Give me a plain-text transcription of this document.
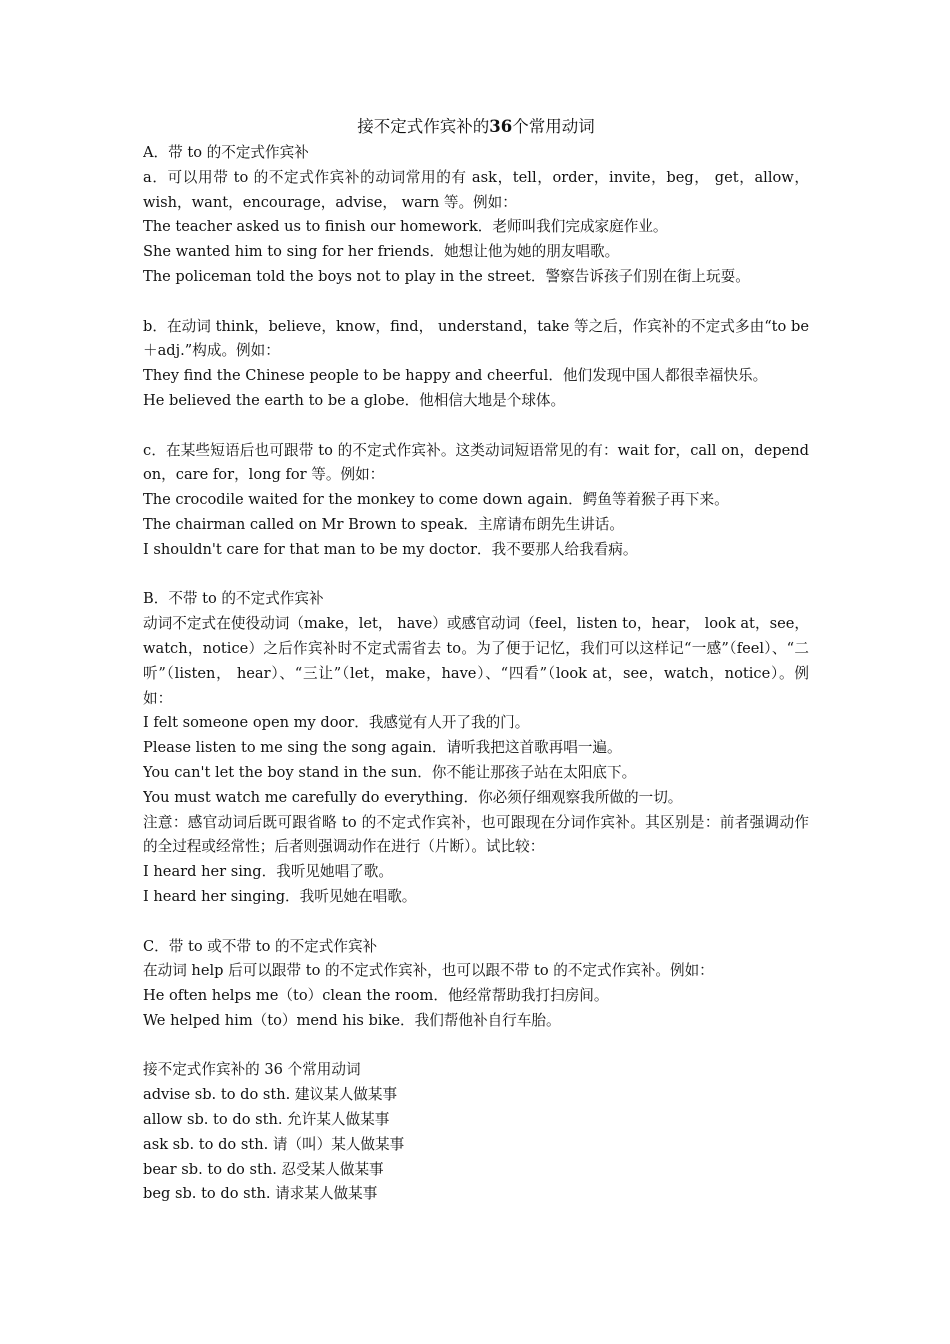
接不定式作宾补的36个常用动词
A．带 to 的不定式作宾补
a．可以用带 to 的不定式作宾补的动词常用的有 ask，tell，order，invite，beg， get，allow，wish，want，encourage，advise， warn 等。例如：
The teacher asked us to finish our homework．老师叫我们完成家庭作业。
She wanted him to sing for her friends．她想让他为她的朋友唱歌。
The policeman told the boys not to play in the street．警察告诉孩子们别在街上玩耍。
b．在动词 think，believe，know，find， understand，take 等之后，作宾补的不定式多由“to be ＋adj.”构成。例如：
They find the Chinese people to be happy and cheerful．他们发现中国人都很幸福快乐。
He believed the earth to be a globe．他相信大地是个球体。
c．在某些短语后也可跟带 to 的不定式作宾补。这类动词短语常见的有：wait for，call on，depend on，care for，long for 等。例如：
The crocodile waited for the monkey to come down again．鳄鱼等着猴子再下来。
The chairman called on Mr Brown to speak．主席请布朗先生讲话。
I shouldn't care for that man to be my doctor．我不要那人给我看病。
B．不带 to 的不定式作宾补
动词不定式在使役动词（make，let， have）或感官动词（feel，listen to，hear， look at，see，watch，notice）之后作宾补时不定式需省去 to。为了便于记忆，我们可以这样记“一感”（feel）、“二听”（listen， hear）、“三让”（let，make，have）、“四看”（look at，see，watch，notice）。例如：
I felt someone open my door．我感觉有人开了我的门。
Please listen to me sing the song again．请听我把这首歌再唱一遍。
You can't let the boy stand in the sun．你不能让那孩子站在太阳底下。
You must watch me carefully do everything．你必须仔细观察我所做的一切。
注意：感官动词后既可跟省略 to 的不定式作宾补，也可跟现在分词作宾补。其区别是：前者强调动作的全过程或经常性；后者则强调动作在进行（片断）。试比较：
I heard her sing．我听见她唱了歌。
I heard her singing．我听见她在唱歌。
C．带 to 或不带 to 的不定式作宾补
在动词 help 后可以跟带 to 的不定式作宾补，也可以跟不带 to 的不定式作宾补。例如：
He often helps me（to）clean the room．他经常帮助我打扫房间。
We helped him（to）mend his bike．我们帮他补自行车胎。
接不定式作宾补的 36 个常用动词
advise sb. to do sth. 建议某人做某事
allow sb. to do sth. 允许某人做某事
ask sb. to do sth. 请（叫）某人做某事
bear sb. to do sth. 忍受某人做某事
beg sb. to do sth. 请求某人做某事
